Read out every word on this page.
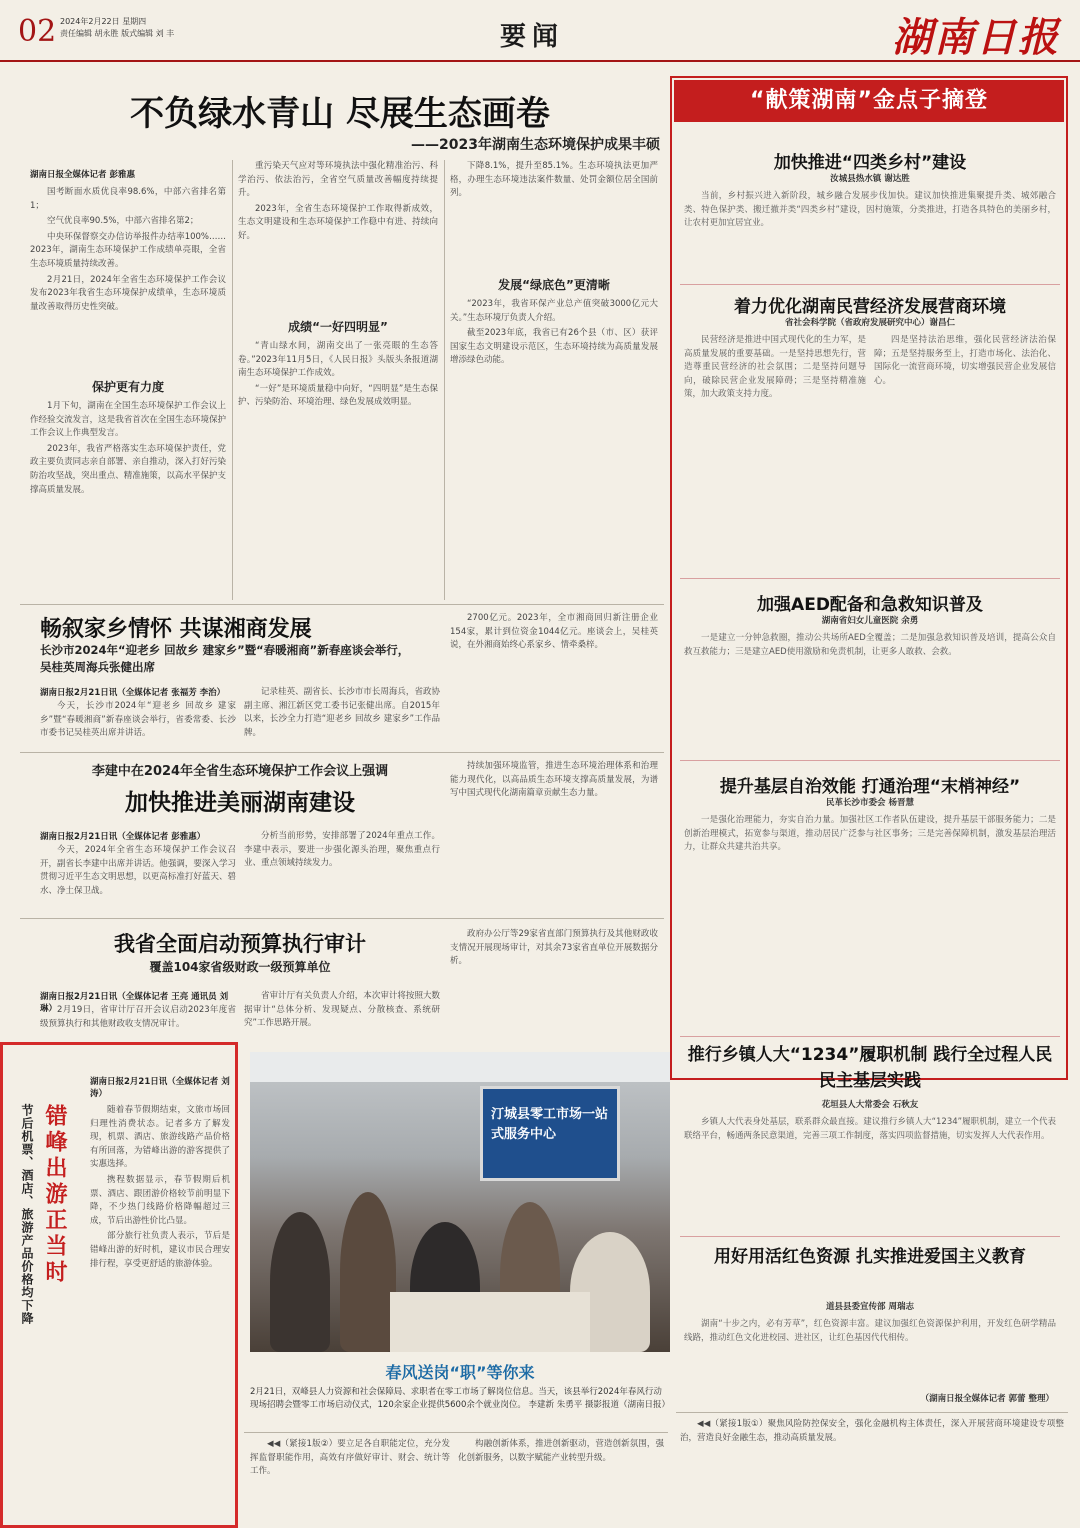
02 2024年2月22日 星期四
责任编辑 胡永胜 版式编辑 刘 丰	要闻	湖南日报
不负绿水青山 尽展生态画卷
——2023年湖南生态环境保护成果丰硕
湖南日报全媒体记者 彭雅惠

国考断面水质优良率98.6%，中部六省排名第1；

空气优良率90.5%，中部六省排名第2；

中央环保督察交办信访举报件办结率100%……2023年，湖南生态环境保护工作成绩单亮眼，全省生态环境质量持续改善。

2月21日，2024年全省生态环境保护工作会议发布2023年我省生态环境保护成绩单，生态环境质量改善取得历史性突破。

保护更有力度

1月下旬，湖南在全国生态环境保护工作会议上作经验交流发言，这是我省首次在全国生态环境保护工作会议上作典型发言。

2023年，我省严格落实生态环境保护责任，党政主要负责同志亲自部署、亲自推动，深入打好污染防治攻坚战，突出重点、精准施策，以高水平保护支撑高质量发展。

重污染天气应对等环境执法中强化精准治污、科学治污、依法治污，全省空气质量改善幅度持续提升。

2023年，全省生态环境保护工作取得新成效，生态文明建设和生态环境保护工作稳中有进、持续向好。

成绩“一好四明显”

“青山绿水间，湖南交出了一张亮眼的生态答卷。”2023年11月5日，《人民日报》头版头条报道湖南生态环境保护工作成效。

“一好”是环境质量稳中向好，“四明显”是生态保护、污染防治、环境治理、绿色发展成效明显。

下降8.1%，提升至85.1%。生态环境执法更加严格，办理生态环境违法案件数量、处罚金额位居全国前列。

发展“绿底色”更清晰

“2023年，我省环保产业总产值突破3000亿元大关。”生态环境厅负责人介绍。

截至2023年底，我省已有26个县（市、区）获评国家生态文明建设示范区，生态环境持续为高质量发展增添绿色动能。

畅叙家乡情怀 共谋湘商发展
长沙市2024年“迎老乡 回故乡 建家乡”暨“春暖湘商”新春座谈会举行，吴桂英周海兵张健出席
湖南日报2月21日讯（全媒体记者 张福芳 李治）

今天，长沙市2024年“迎老乡 回故乡 建家乡”暨“春暖湘商”新春座谈会举行，省委常委、长沙市委书记吴桂英出席并讲话。

记录桂英、副省长、长沙市市长周海兵，省政协副主席、湘江新区党工委书记张健出席。自2015年以来，长沙全力打造“迎老乡 回故乡 建家乡”工作品牌。

2700亿元。2023年，全市湘商回归新注册企业154家，累计到位资金1044亿元。座谈会上，吴桂英说，在外湘商始终心系家乡、情牵桑梓。

李建中在2024年全省生态环境保护工作会议上强调
加快推进美丽湖南建设
湖南日报2月21日讯（全媒体记者 彭雅惠）

今天，2024年全省生态环境保护工作会议召开，副省长李建中出席并讲话。他强调，要深入学习贯彻习近平生态文明思想，以更高标准打好蓝天、碧水、净土保卫战。

分析当前形势，安排部署了2024年重点工作。李建中表示，要进一步强化源头治理，聚焦重点行业、重点领域持续发力。

持续加强环境监管，推进生态环境治理体系和治理能力现代化，以高品质生态环境支撑高质量发展，为谱写中国式现代化湖南篇章贡献生态力量。

我省全面启动预算执行审计
覆盖104家省级财政一级预算单位
湖南日报2月21日讯（全媒体记者 王亮 通讯员 刘琳） 2月19日，省审计厅召开会议启动2023年度省级预算执行和其他财政收支情况审计。

省审计厅有关负责人介绍，本次审计将按照大数据审计“总体分析、发现疑点、分散核查、系统研究”工作思路开展。

政府办公厅等29家省直部门预算执行及其他财政收支情况开展现场审计，对其余73家省直单位开展数据分析。

节后机票、酒店、旅游产品价格均下降 错峰出游正当时
湖南日报2月21日讯（全媒体记者 刘涛）

随着春节假期结束，文旅市场回归理性消费状态。记者多方了解发现，机票、酒店、旅游线路产品价格有所回落，为错峰出游的游客提供了实惠选择。

携程数据显示，春节假期后机票、酒店、跟团游价格较节前明显下降，不少热门线路价格降幅超过三成，节后出游性价比凸显。

部分旅行社负责人表示，节后是错峰出游的好时机，建议市民合理安排行程，享受更舒适的旅游体验。

汀城县零工市场一站式服务中心
春风送岗“职”等你来
2月21日，双峰县人力资源和社会保障局、求职者在零工市场了解岗位信息。当天，该县举行2024年春风行动现场招聘会暨零工市场启动仪式，120余家企业提供5600余个就业岗位。 李建新 朱勇平 摄影报道（湖南日报）

◀◀（紧接1版②）要立足各自职能定位，充分发挥监督职能作用，高效有序做好审计、财会、统计等工作。

构融创新体系，推进创新驱动，营造创新氛围，强化创新服务，以数字赋能产业转型升级。

“献策湖南”金点子摘登
加快推进“四类乡村”建设
汝城县热水镇 谢达胜

当前，乡村振兴进入新阶段，城乡融合发展步伐加快。建议加快推进集聚提升类、城郊融合类、特色保护类、搬迁撤并类“四类乡村”建设，因村施策，分类推进，打造各具特色的美丽乡村，让农村更加宜居宜业。

着力优化湖南民营经济发展营商环境
省社会科学院（省政府发展研究中心）谢昌仁

民营经济是推进中国式现代化的生力军，是高质量发展的重要基础。一是坚持思想先行，营造尊重民营经济的社会氛围；二是坚持问题导向，破除民营企业发展障碍；三是坚持精准施策，加大政策支持力度。

四是坚持法治思维，强化民营经济法治保障；五是坚持服务至上，打造市场化、法治化、国际化一流营商环境，切实增强民营企业发展信心。

加强AED配备和急救知识普及
湖南省妇女儿童医院 余勇

一是建立一分钟急救圈，推动公共场所AED全覆盖；二是加强急救知识普及培训，提高公众自救互救能力；三是建立AED使用激励和免责机制，让更多人敢救、会救。

提升基层自治效能 打通治理“末梢神经”
民革长沙市委会 杨晋慧

一是强化治理能力，夯实自治力量。加强社区工作者队伍建设，提升基层干部服务能力；二是创新治理模式，拓宽参与渠道，推动居民广泛参与社区事务；三是完善保障机制，激发基层治理活力，让群众共建共治共享。

推行乡镇人大“1234”履职机制 践行全过程人民民主基层实践
花垣县人大常委会 石秋友

乡镇人大代表身处基层，联系群众最直接。建议推行乡镇人大“1234”履职机制，建立一个代表联络平台，畅通两条民意渠道，完善三项工作制度，落实四项监督措施，切实发挥人大代表作用。

用好用活红色资源 扎实推进爱国主义教育
道县县委宣传部 周瑞志

湖南“十步之内，必有芳草”，红色资源丰富。建议加强红色资源保护利用，开发红色研学精品线路，推动红色文化进校园、进社区，让红色基因代代相传。

（湖南日报全媒体记者 郭蕾 整理）

◀◀（紧接1版①）聚焦风险防控保安全，强化金融机构主体责任，深入开展营商环境建设专项整治，营造良好金融生态，推动高质量发展。
